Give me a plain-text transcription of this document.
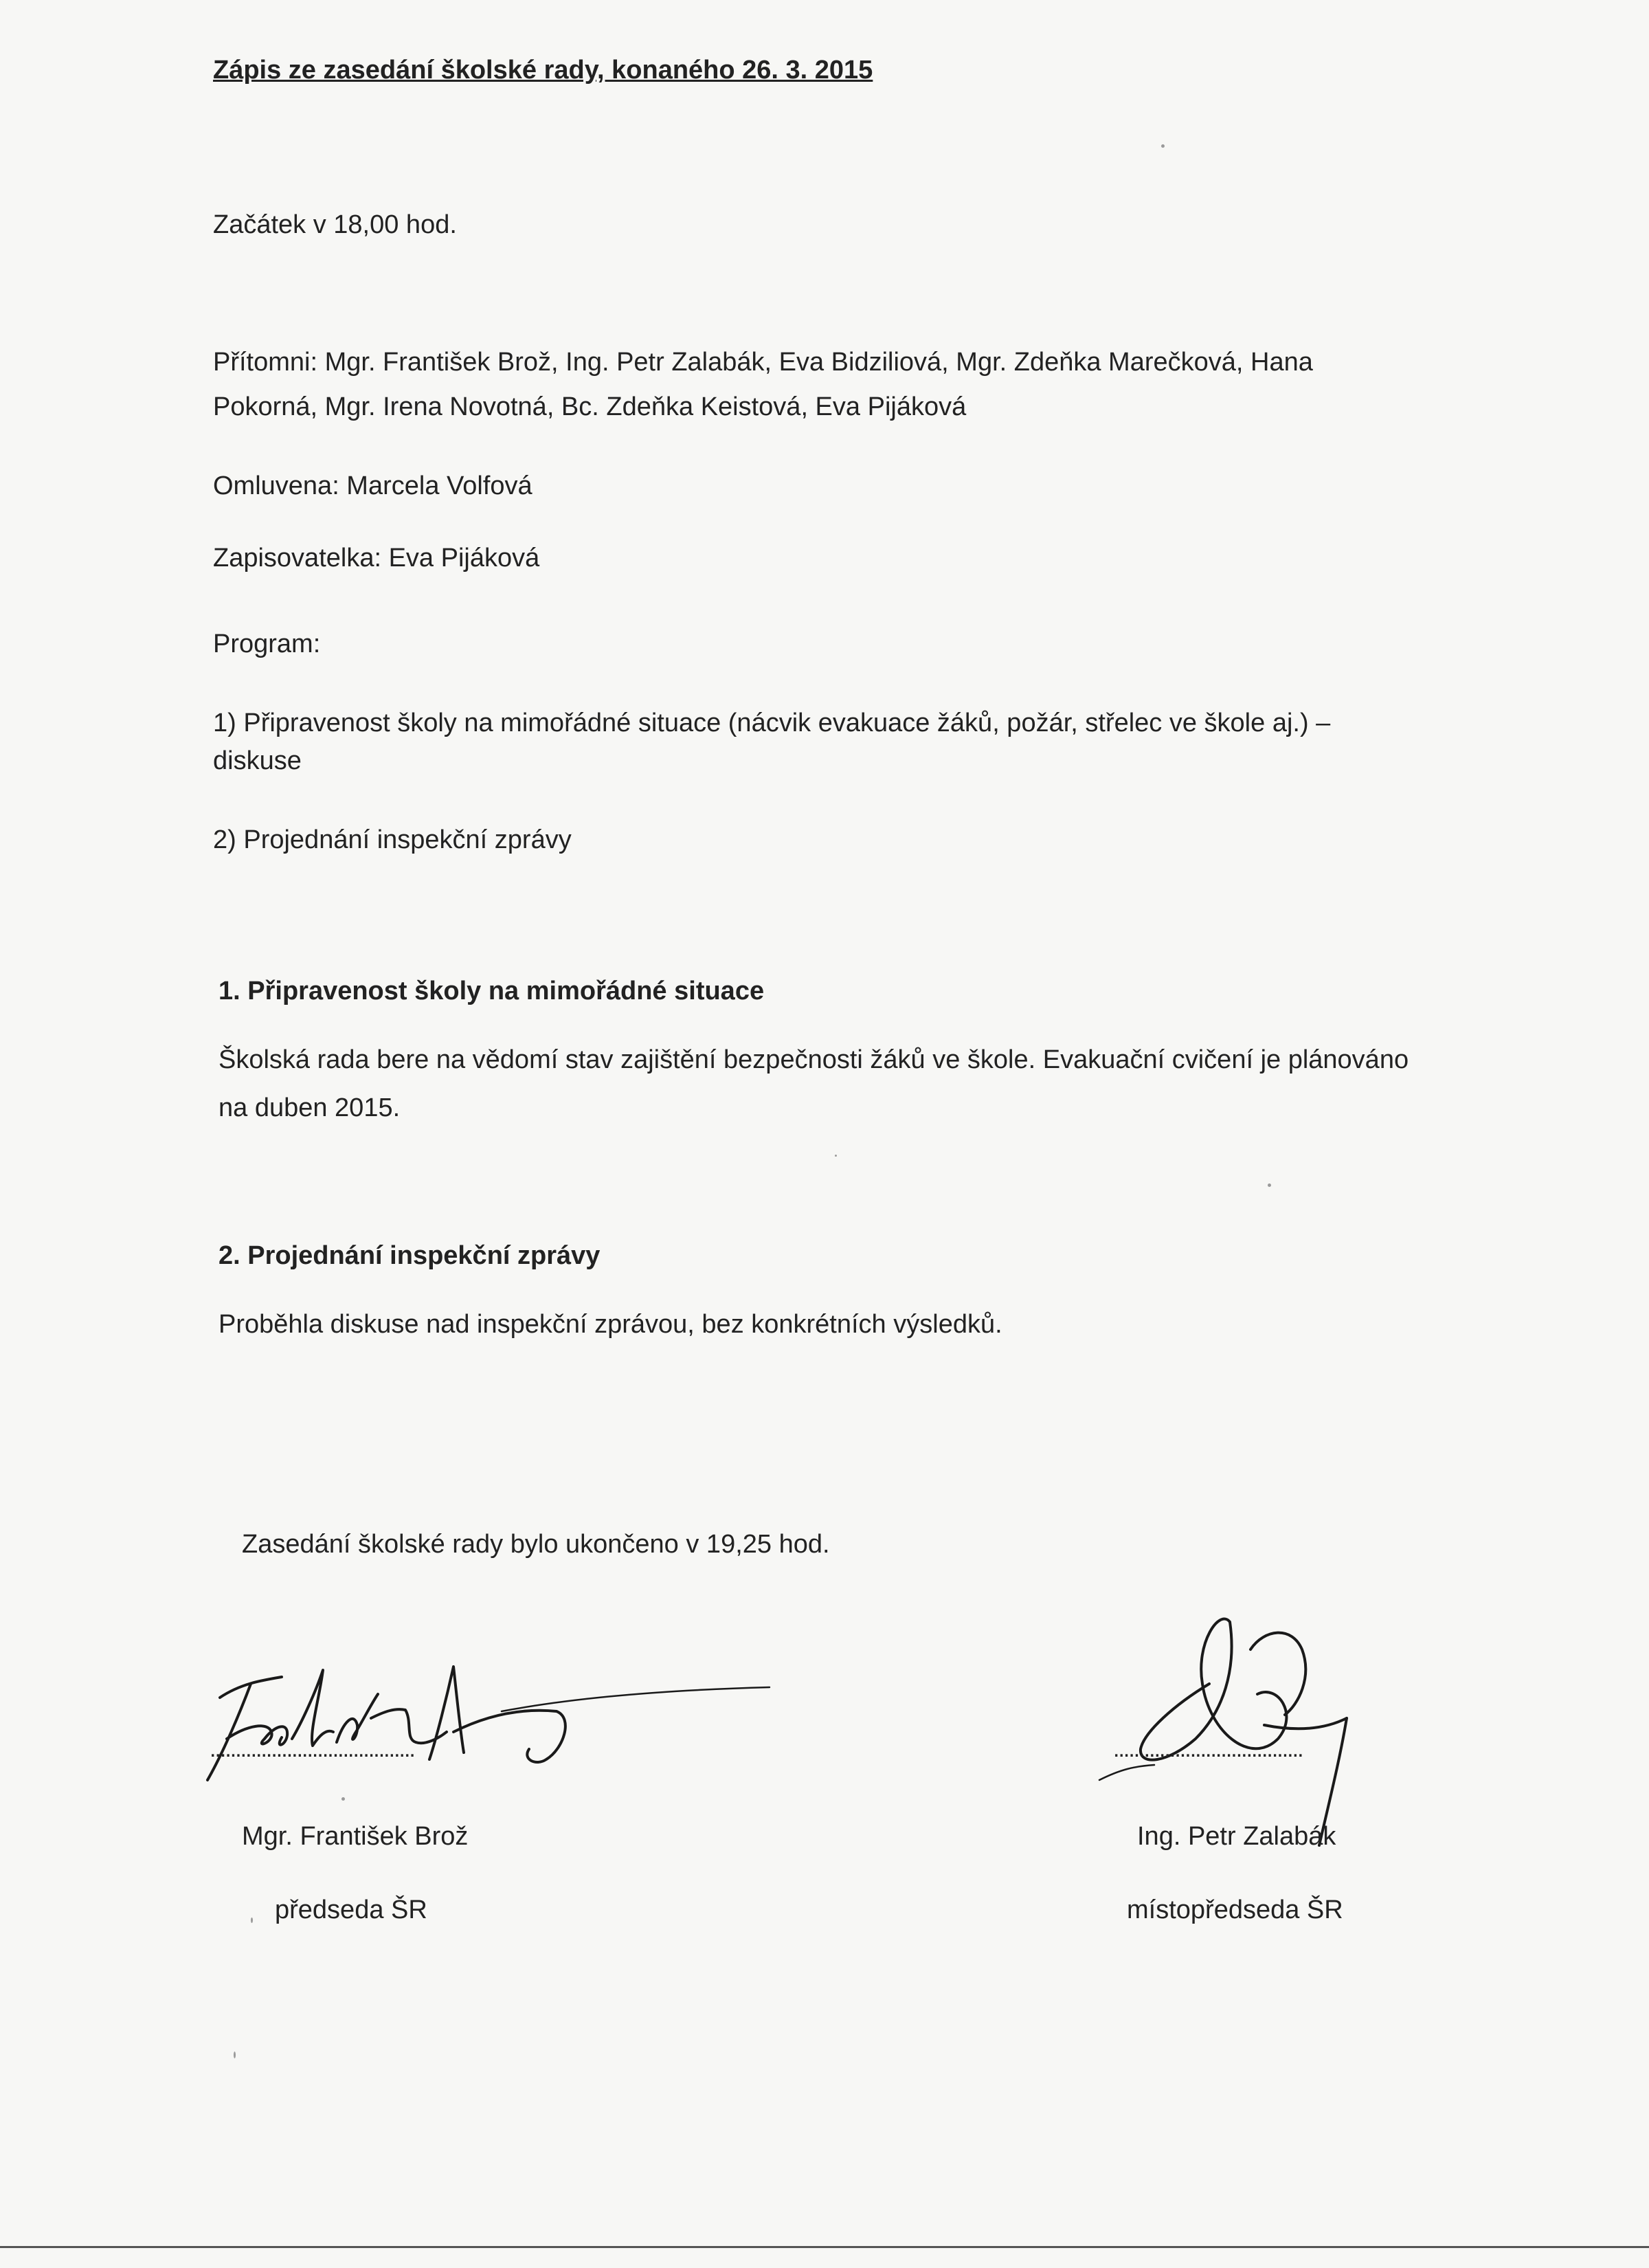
Zápis ze zasedání školské rady, konaného 26. 3. 2015
Začátek v 18,00 hod.
Přítomni: Mgr. František Brož, Ing. Petr Zalabák, Eva Bidziliová, Mgr. Zdeňka Marečková, Hana
Pokorná, Mgr. Irena Novotná, Bc. Zdeňka Keistová, Eva Pijáková
Omluvena: Marcela Volfová
Zapisovatelka: Eva Pijáková
Program:
1) Připravenost školy na mimořádné situace (nácvik evakuace žáků, požár, střelec ve škole aj.) –
diskuse
2) Projednání inspekční zprávy
1. Připravenost školy na mimořádné situace
Školská rada bere na vědomí stav zajištění bezpečnosti žáků ve škole. Evakuační cvičení je plánováno
na duben 2015.
2. Projednání inspekční zprávy
Proběhla diskuse nad inspekční zprávou, bez konkrétních výsledků.
Zasedání školské rady bylo ukončeno v 19,25 hod.
........................................
Mgr. František Brož
předseda ŠR
.....................................
Ing. Petr Zalabák
místopředseda ŠR
